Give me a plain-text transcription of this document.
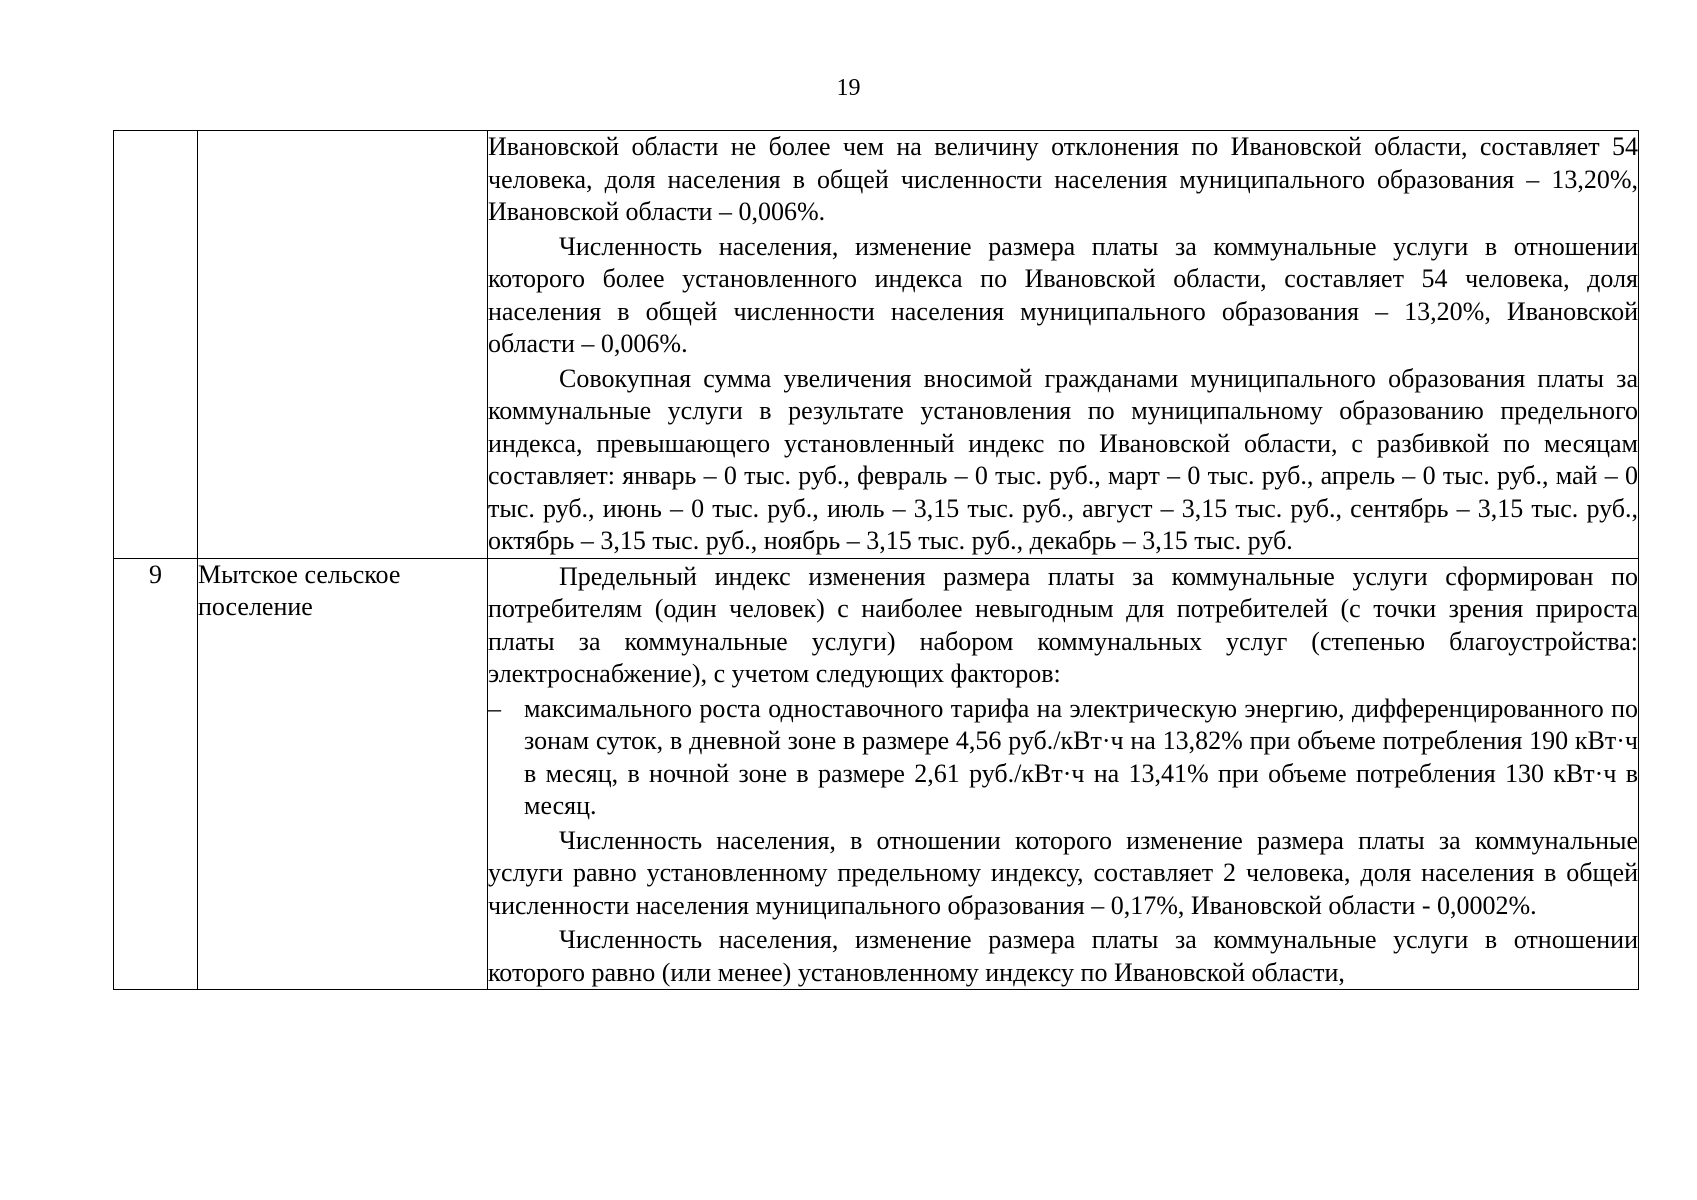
19

		Ивановской области не более чем на величину отклонения по Ивановской области, составляет 54 человека, доля населения в общей численности населения муниципального образования – 13,20%, Ивановской области – 0,006%.

Численность населения, изменение размера платы за коммунальные услуги в отношении которого более установленного индекса по Ивановской области, составляет 54 человека, доля населения в общей численности населения муниципального образования – 13,20%, Ивановской области – 0,006%.

Совокупная сумма увеличения вносимой гражданами муниципального образования платы за коммунальные услуги в результате установления по муниципальному образованию предельного индекса, превышающего установленный индекс по Ивановской области, с разбивкой по месяцам составляет: январь – 0 тыс. руб., февраль – 0 тыс. руб., март – 0 тыс. руб., апрель – 0 тыс. руб., май – 0 тыс. руб., июнь – 0 тыс. руб., июль – 3,15 тыс. руб., август – 3,15 тыс. руб., сентябрь – 3,15 тыс. руб., октябрь – 3,15 тыс. руб., ноябрь – 3,15 тыс. руб., декабрь – 3,15 тыс. руб.

9	Мытское сельское поселение	Предельный индекс изменения размера платы за коммунальные услуги сформирован по потребителям (один человек) с наиболее невыгодным для потребителей (с точки зрения прироста платы за коммунальные услуги) набором коммунальных услуг (степенью благоустройства: электроснабжение), с учетом следующих факторов:

– максимального роста одноставочного тарифа на электрическую энергию, дифференцированного по зонам суток, в дневной зоне в размере 4,56 руб./кВт·ч на 13,82% при объеме потребления 190 кВт·ч в месяц, в ночной зоне в размере 2,61 руб./кВт·ч на 13,41% при объеме потребления 130 кВт·ч в месяц.

Численность населения, в отношении которого изменение размера платы за коммунальные услуги равно установленному предельному индексу, составляет 2 человека, доля населения в общей численности населения муниципального образования – 0,17%, Ивановской области - 0,0002%.

Численность населения, изменение размера платы за коммунальные услуги в отношении которого равно (или менее) установленному индексу по Ивановской области,
